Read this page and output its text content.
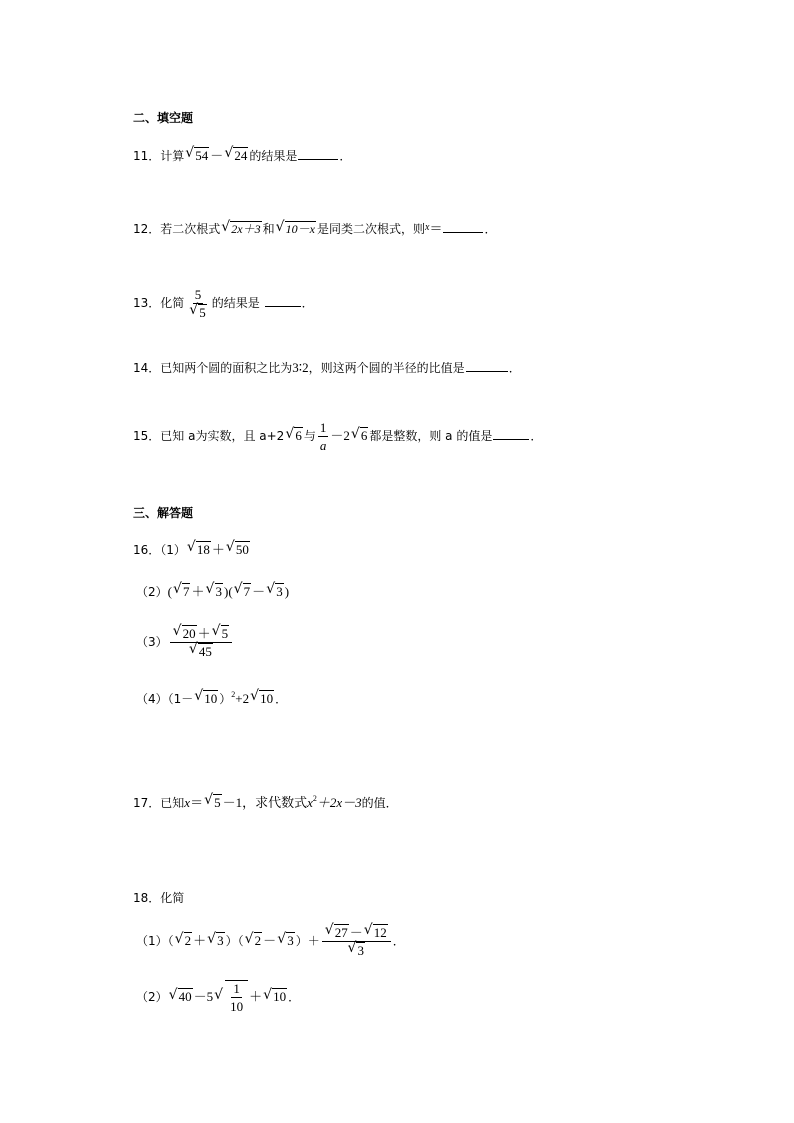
二、填空题
11．计算√ 54 －√ 24 的结果是	．
12．若二次根式√ 2x＋3 和√ 10－x 是同类二次根式，则$^x$＝	．
13．化简 5
√ 5 的结果是	．
14．已知两个圆的面积之比为3∶2，则这两个圆的半径的比值是	．
15．已知 a为实数，且 a+2√ 6 与 $\frac{1}{a} -2√$ 6 都是整数，则 a 的值是	．
三、解答题
16．（1）√ 18 ＋√ 50
（2）(√ 7 ＋√ 3 )(√ 7 －√ 3 )
（3）
√ 20 ＋√ 5
√ 45
（4）（1－√ 10 ）$^2$+2√ 10 ．
17．已知x＝√ 5 －1，求代数式$x^2+2x-3$的值．
18．化简
（1）（√ 2 ＋√ 3 ）（√ 2 －√ 3 ）＋
√ 27 －√ 12
√ 3 ．
（2）√ 40 －5
√ $\frac{1}{10}$ ＋√ 10 ．
